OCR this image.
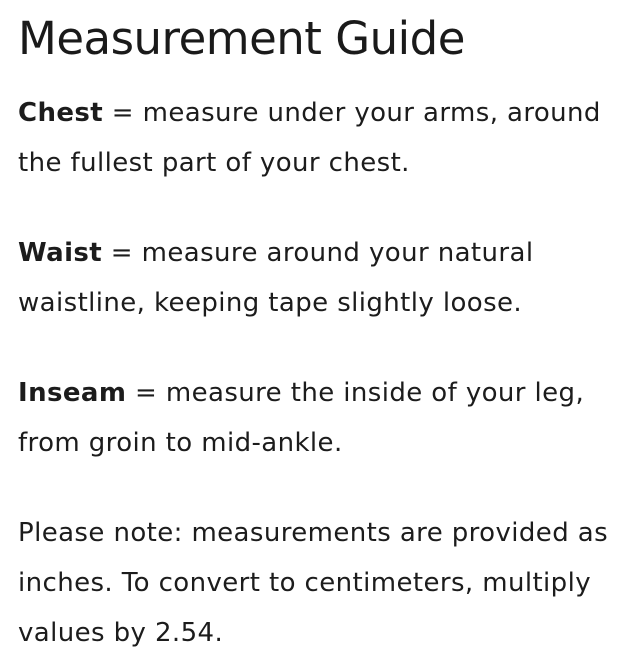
Measurement Guide

Chest = measure under your arms, around the fullest part of your chest.

Waist = measure around your natural waistline, keeping tape slightly loose.

Inseam = measure the inside of your leg, from groin to mid-ankle.

Please note: measurements are provided as inches. To convert to centimeters, multiply values by 2.54.
